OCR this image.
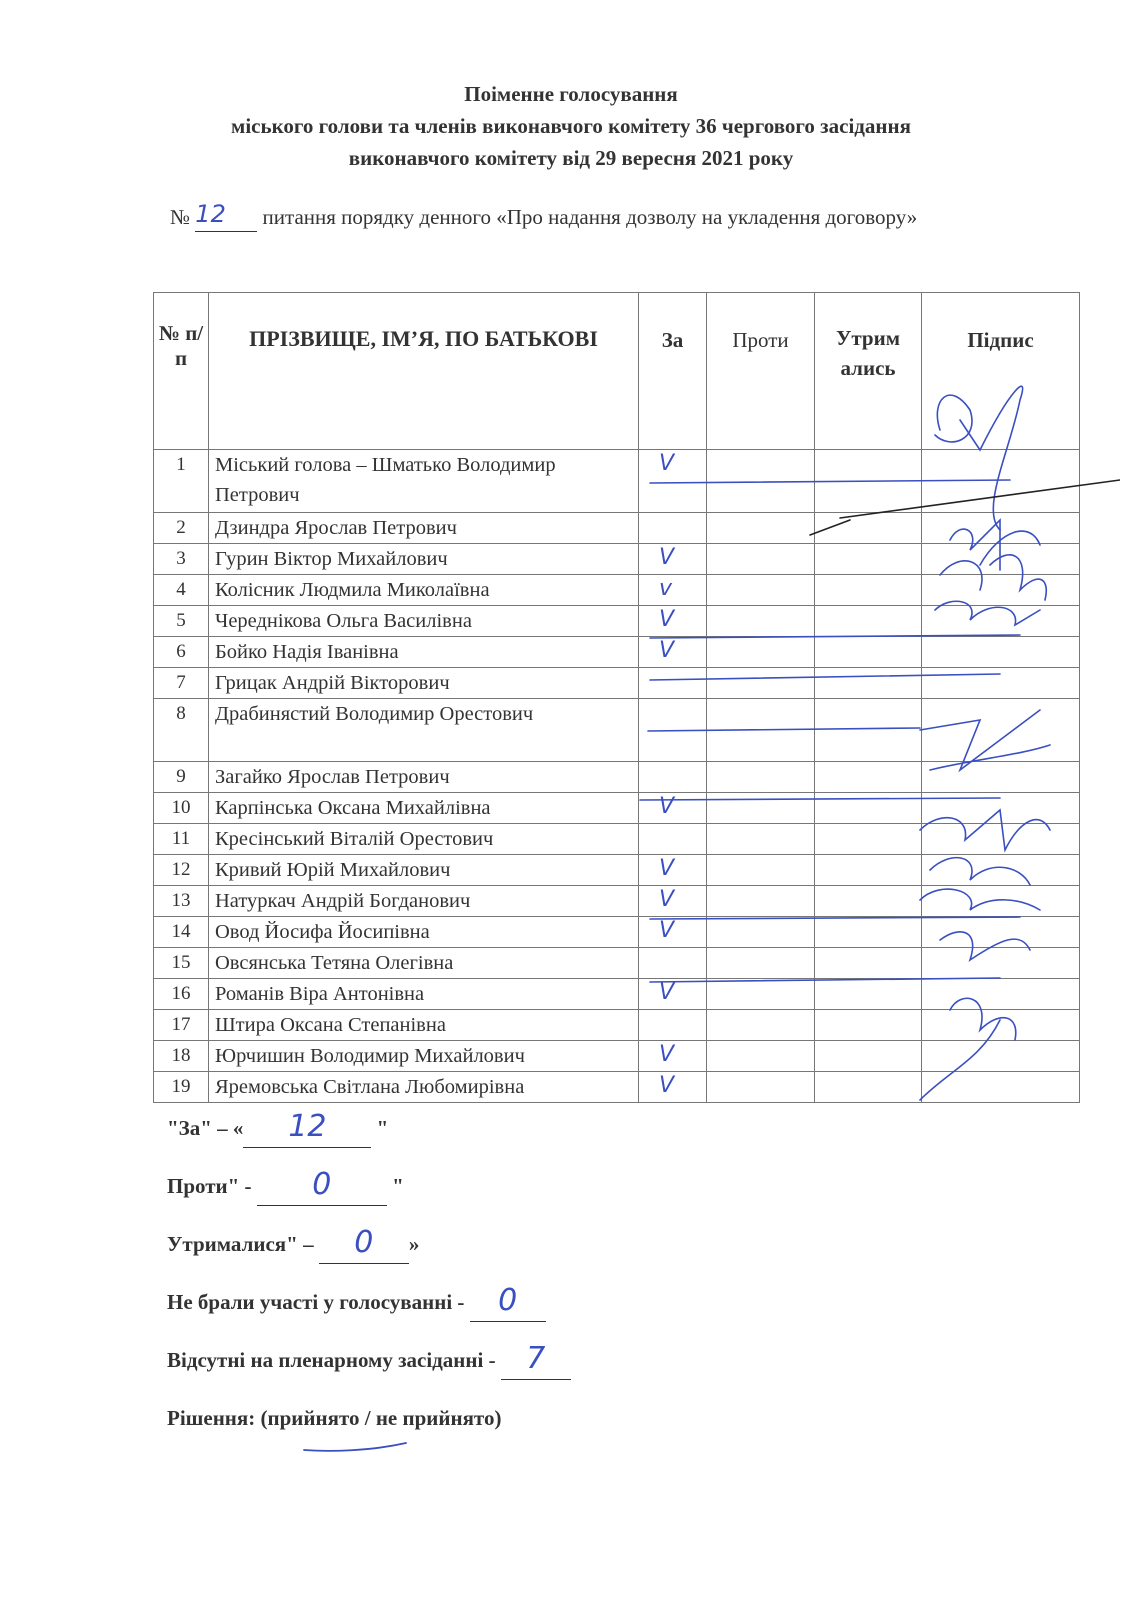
Поіменне голосування
міського голови та членів виконавчого комітету 36 чергового засідання
виконавчого комітету від 29 вересня 2021 року
№ 12	питання порядку денного «Про надання дозволу на укладення договору»
№ п/п	ПРІЗВИЩЕ, ІМ’Я, ПО БАТЬКОВІ	За	Проти	Утрим ались	Підпис
1	Міський голова – Шматько Володимир Петрович	V			
2	Дзиндра Ярослав Петрович				
3	Гурин Віктор Михайлович	V			
4	Колісник Людмила Миколаївна	v			
5	Череднікова Ольга Василівна	V			
6	Бойко Надія Іванівна	V			
7	Грицак Андрій Вікторович				
8	Драбинястий Володимир Орестович				
9	Загайко Ярослав Петрович				
10	Карпінська Оксана Михайлівна	V			
11	Кресінський Віталій Орестович				
12	Кривий Юрій Михайлович	V			
13	Натуркач Андрій Богданович	V			
14	Овод Йосифа Йосипівна	V			
15	Овсянська Тетяна Олегівна				
16	Романів Віра Антонівна	V			
17	Штира Оксана Степанівна				
18	Юрчишин Володимир Михайлович	V			
19	Яремовська Світлана Любомирівна	V			
"За" – «	12	"
Проти" -	0	"
Утрималися" –	0	»
Не брали участі у голосуванні - 0
Відсутні на пленарному засіданні - 7
Рішення: (прийнято / не прийнято)
